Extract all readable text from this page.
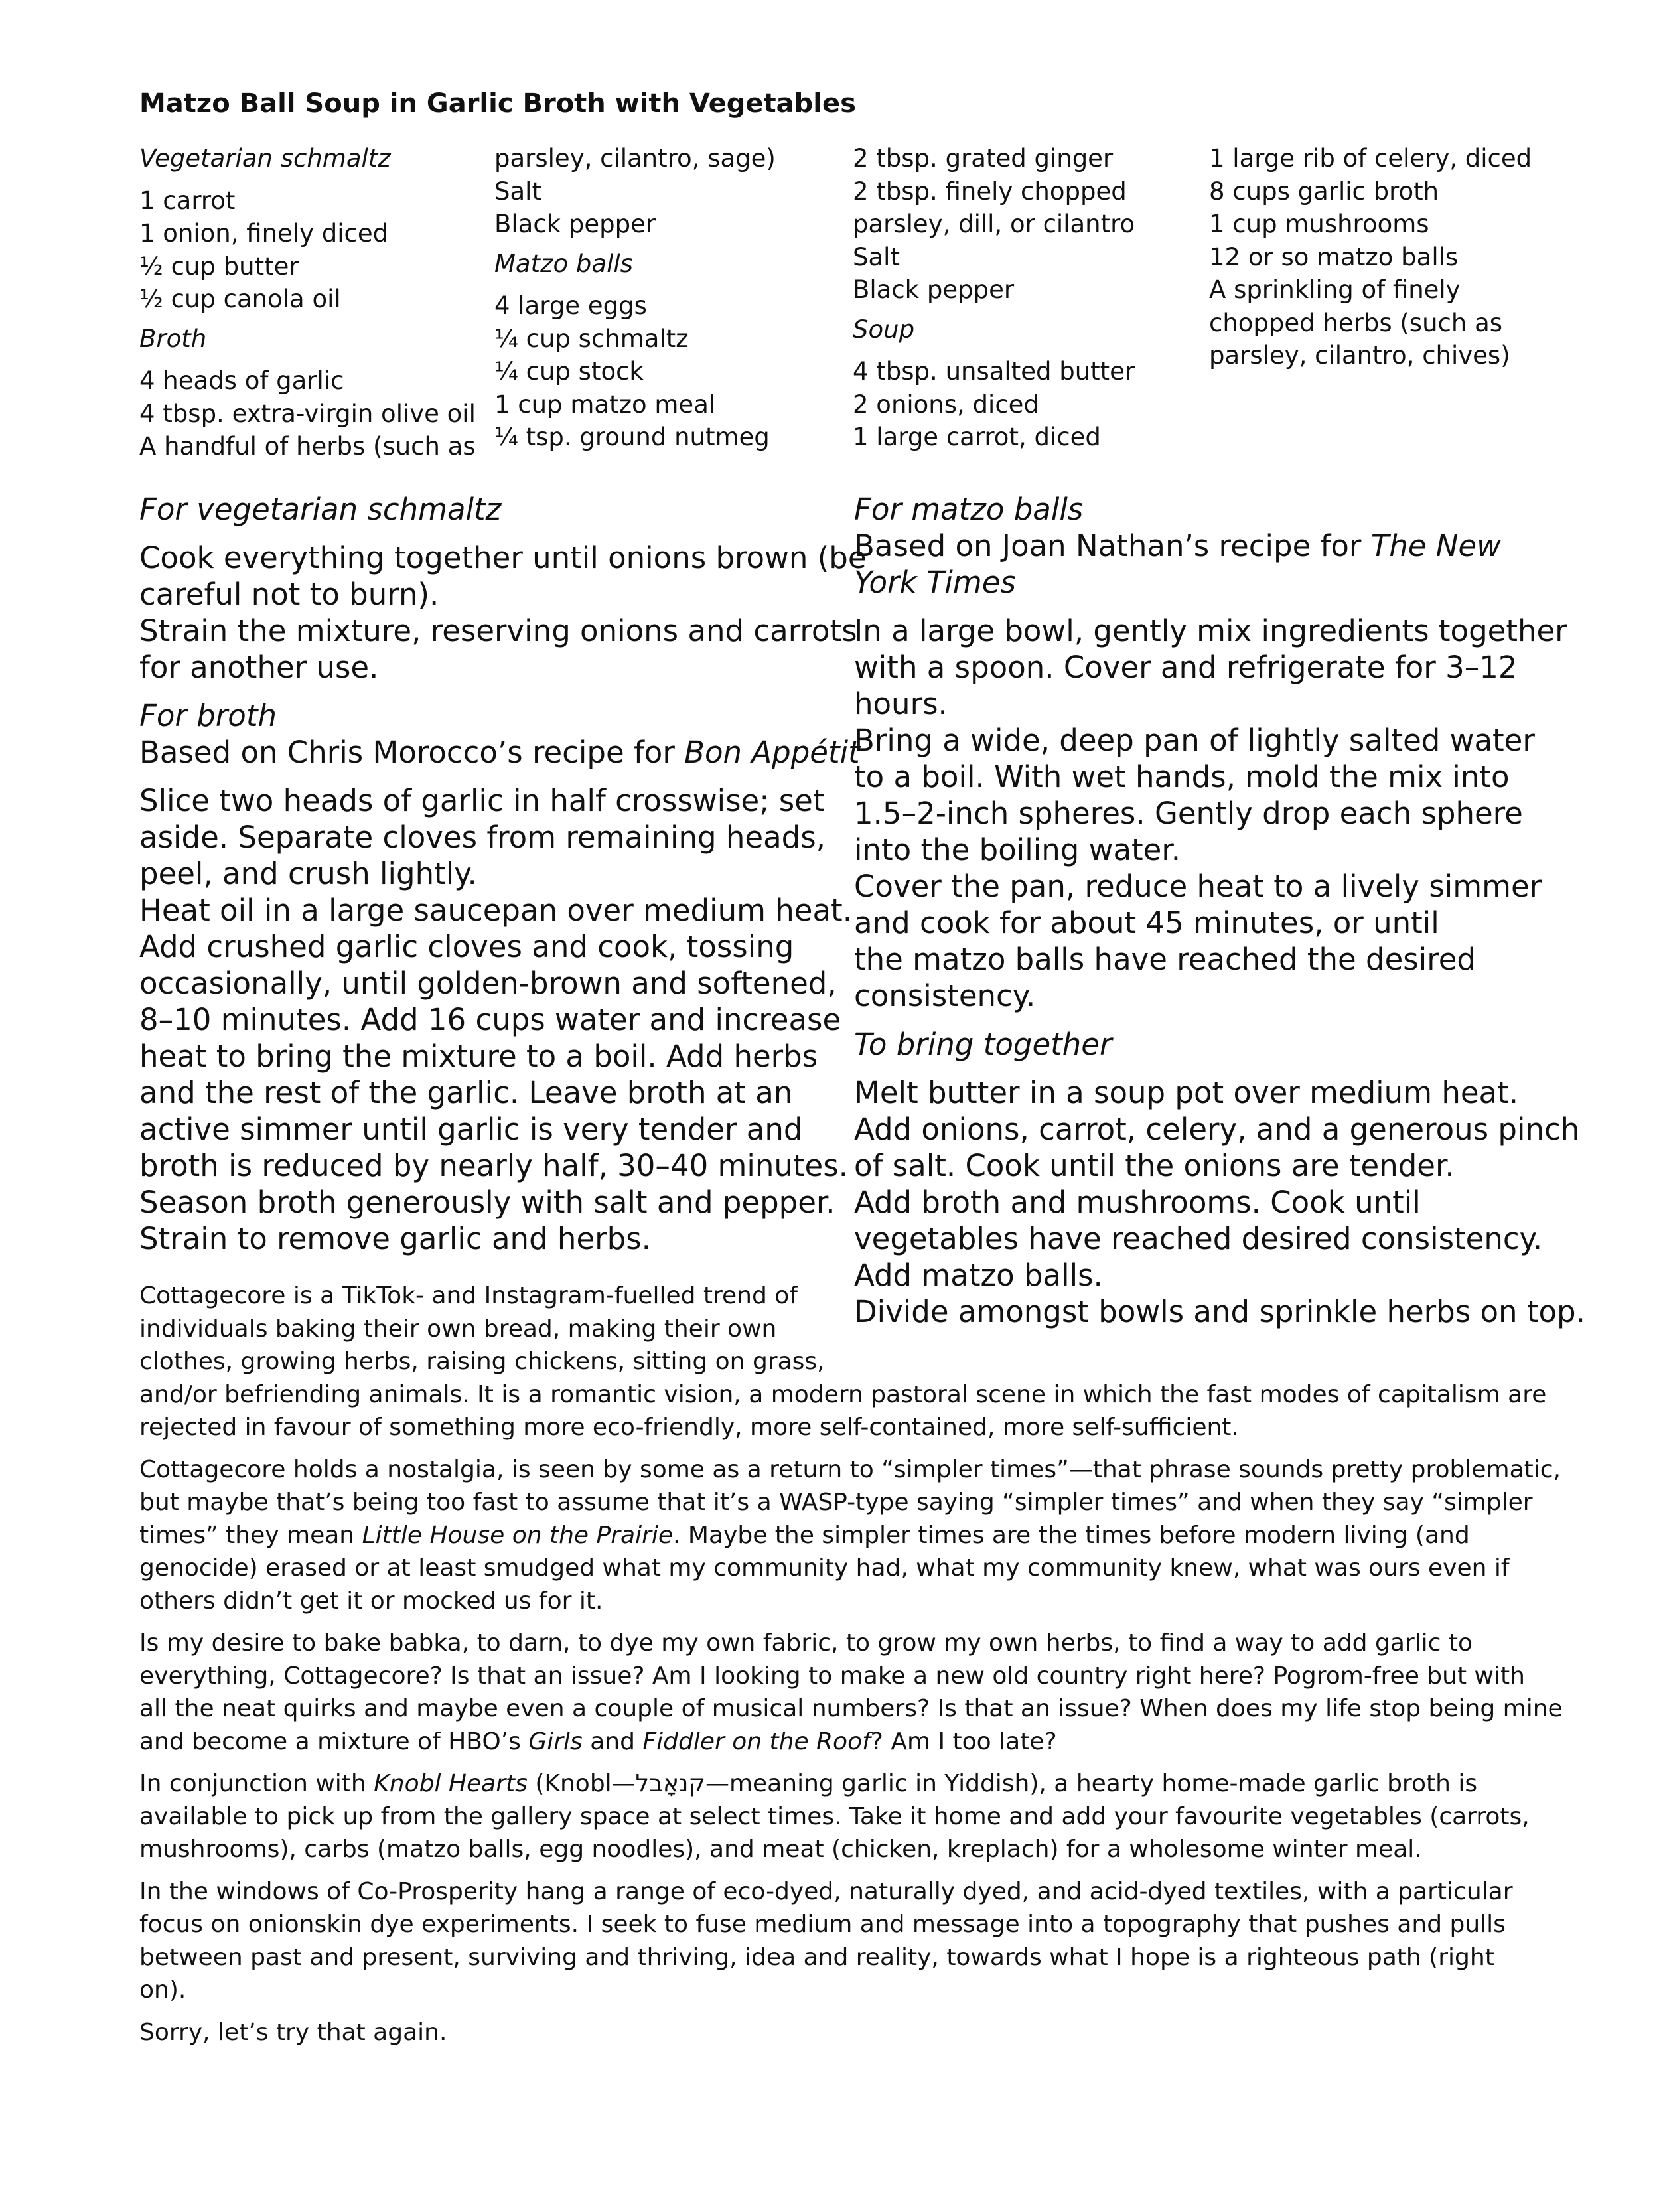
Matzo Ball Soup in Garlic Broth with Vegetables

Vegetarian schmaltz

1 carrot

1 onion, finely diced

½ cup butter

½ cup canola oil

Broth

4 heads of garlic

4 tbsp. extra-virgin olive oil

A handful of herbs (such as

parsley, cilantro, sage)

Salt

Black pepper

Matzo balls

4 large eggs

¼ cup schmaltz

¼ cup stock

1 cup matzo meal

¼ tsp. ground nutmeg

2 tbsp. grated ginger

2 tbsp. finely chopped

parsley, dill, or cilantro

Salt

Black pepper

Soup

4 tbsp. unsalted butter

2 onions, diced

1 large carrot, diced

1 large rib of celery, diced

8 cups garlic broth

1 cup mushrooms

12 or so matzo balls

A sprinkling of finely

chopped herbs (such as

parsley, cilantro, chives)

For vegetarian schmaltz

Cook everything together until onions brown (be

careful not to burn).

Strain the mixture, reserving onions and carrots

for another use.

For broth

Based on Chris Morocco’s recipe for Bon Appétit

Slice two heads of garlic in half crosswise; set

aside. Separate cloves from remaining heads,

peel, and crush lightly.

Heat oil in a large saucepan over medium heat.

Add crushed garlic cloves and cook, tossing

occasionally, until golden-brown and softened,

8–10 minutes. Add 16 cups water and increase

heat to bring the mixture to a boil. Add herbs

and the rest of the garlic. Leave broth at an

active simmer until garlic is very tender and

broth is reduced by nearly half, 30–40 minutes.

Season broth generously with salt and pepper.

Strain to remove garlic and herbs.

For matzo balls

Based on Joan Nathan’s recipe for The New

York Times

In a large bowl, gently mix ingredients together

with a spoon. Cover and refrigerate for 3–12

hours.

Bring a wide, deep pan of lightly salted water

to a boil. With wet hands, mold the mix into

1.5–2-inch spheres. Gently drop each sphere

into the boiling water.

Cover the pan, reduce heat to a lively simmer

and cook for about 45 minutes, or until

the matzo balls have reached the desired

consistency.

To bring together

Melt butter in a soup pot over medium heat.

Add onions, carrot, celery, and a generous pinch

of salt. Cook until the onions are tender.

Add broth and mushrooms. Cook until

vegetables have reached desired consistency.

Add matzo balls.

Divide amongst bowls and sprinkle herbs on top.

Cottagecore is a TikTok- and Instagram-fuelled trend of
individuals baking their own bread, making their own
clothes, growing herbs, raising chickens, sitting on grass,
and/or befriending animals. It is a romantic vision, a modern pastoral scene in which the fast modes of capitalism are
rejected in favour of something more eco-friendly, more self-contained, more self-sufficient.

Cottagecore holds a nostalgia, is seen by some as a return to “simpler times”—that phrase sounds pretty problematic,
but maybe that’s being too fast to assume that it’s a WASP-type saying “simpler times” and when they say “simpler
times” they mean Little House on the Prairie. Maybe the simpler times are the times before modern living (and
genocide) erased or at least smudged what my community had, what my community knew, what was ours even if
others didn’t get it or mocked us for it.

Is my desire to bake babka, to darn, to dye my own fabric, to grow my own herbs, to find a way to add garlic to
everything, Cottagecore? Is that an issue? Am I looking to make a new old country right here? Pogrom-free but with
all the neat quirks and maybe even a couple of musical numbers? Is that an issue? When does my life stop being mine
and become a mixture of HBO’s Girls and Fiddler on the Roof? Am I too late?

In conjunction with Knobl Hearts (Knobl—קנאָבל—meaning garlic in Yiddish), a hearty home-made garlic broth is
available to pick up from the gallery space at select times. Take it home and add your favourite vegetables (carrots,
mushrooms), carbs (matzo balls, egg noodles), and meat (chicken, kreplach) for a wholesome winter meal.

In the windows of Co-Prosperity hang a range of eco-dyed, naturally dyed, and acid-dyed textiles, with a particular
focus on onionskin dye experiments. I seek to fuse medium and message into a topography that pushes and pulls
between past and present, surviving and thriving, idea and reality, towards what I hope is a righteous path (right
on).

Sorry, let’s try that again.
